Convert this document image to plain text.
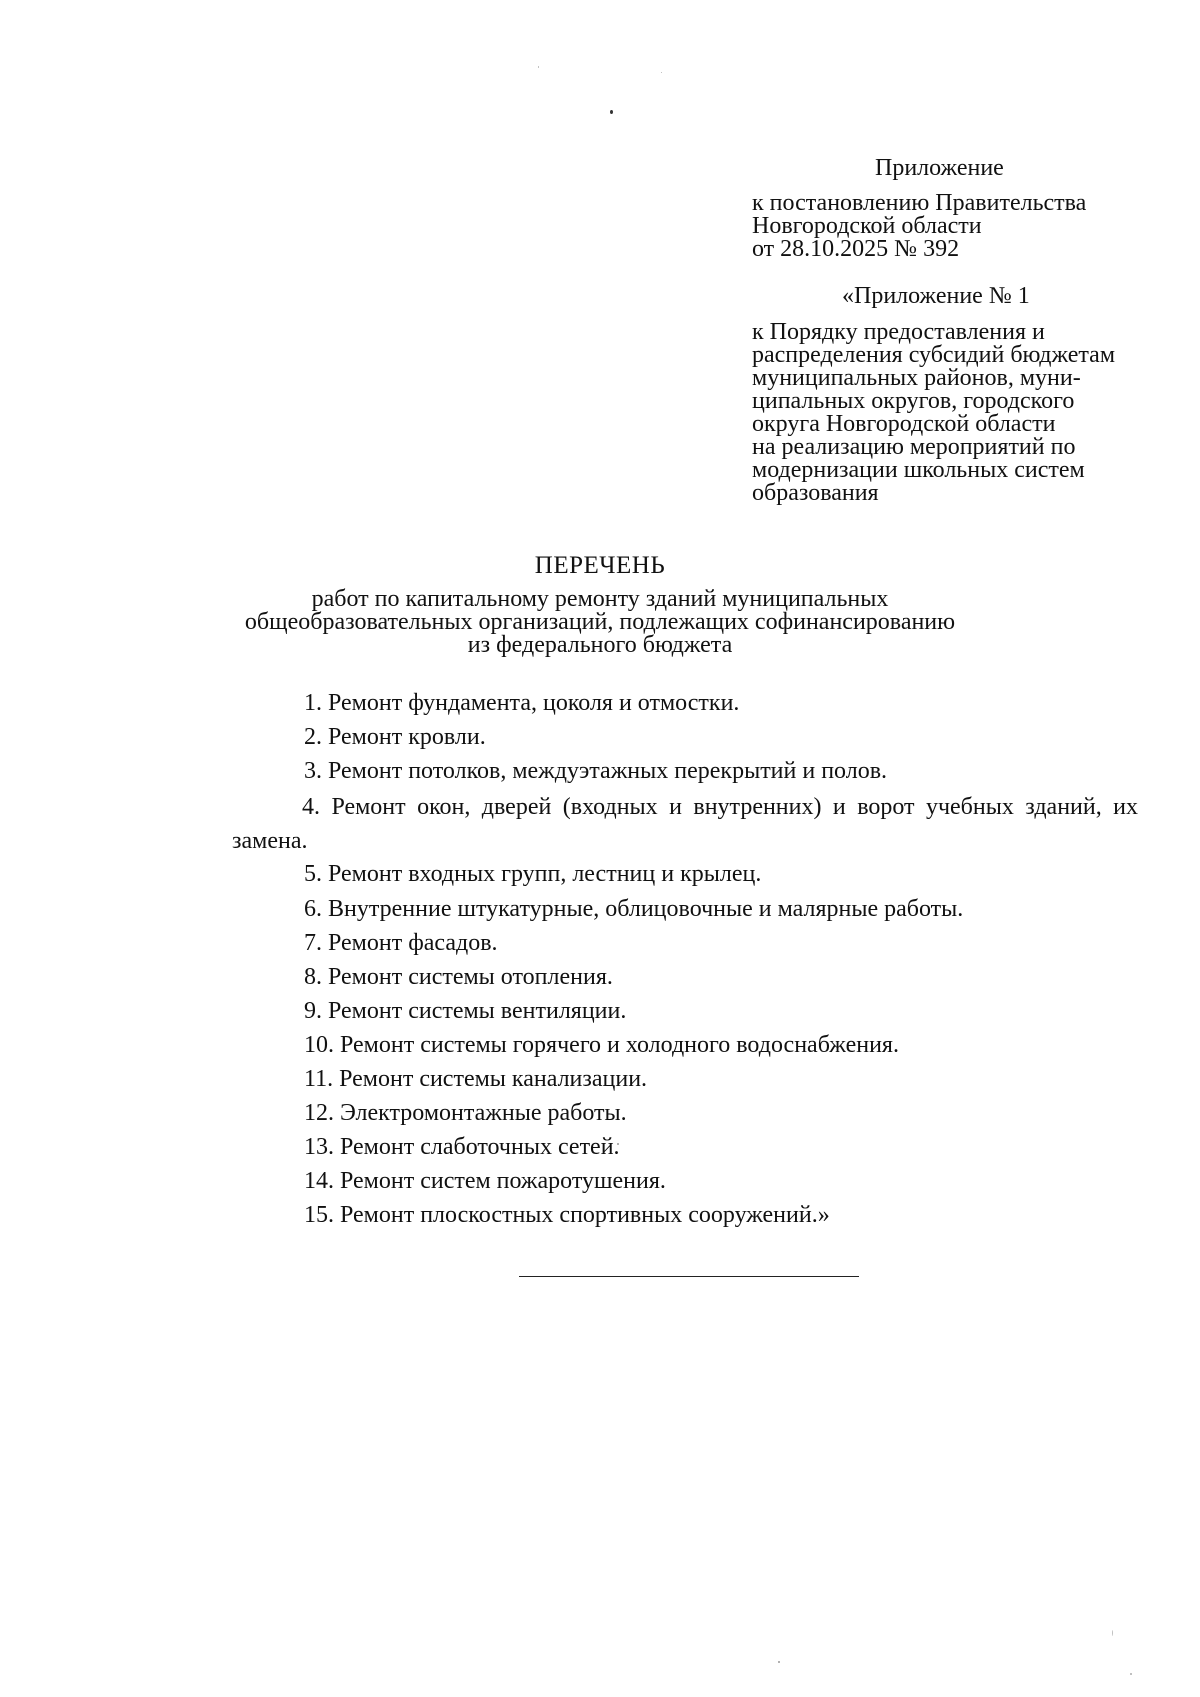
Приложение
к постановлению Правительства
Новгородской области
от 28.10.2025 № 392
«Приложение № 1
к Порядку предоставления и
распределения субсидий бюджетам
муниципальных районов, муни-
ципальных округов, городского
округа Новгородской области
на реализацию мероприятий по
модернизации школьных систем
образования
ПЕРЕЧЕНЬ
работ по капитальному ремонту зданий муниципальных
общеобразовательных организаций, подлежащих софинансированию
из федерального бюджета
1. Ремонт фундамента, цоколя и отмостки.
2. Ремонт кровли.
3. Ремонт потолков, междуэтажных перекрытий и полов.
4. Ремонт окон, дверей (входных и внутренних) и ворот учебных зданий, их замена.
5. Ремонт входных групп, лестниц и крылец.
6. Внутренние штукатурные, облицовочные и малярные работы.
7. Ремонт фасадов.
8. Ремонт системы отопления.
9. Ремонт системы вентиляции.
10. Ремонт системы горячего и холодного водоснабжения.
11. Ремонт системы канализации.
12. Электромонтажные работы.
13. Ремонт слаботочных сетей.
14. Ремонт систем пожаротушения.
15. Ремонт плоскостных спортивных сооружений.»
